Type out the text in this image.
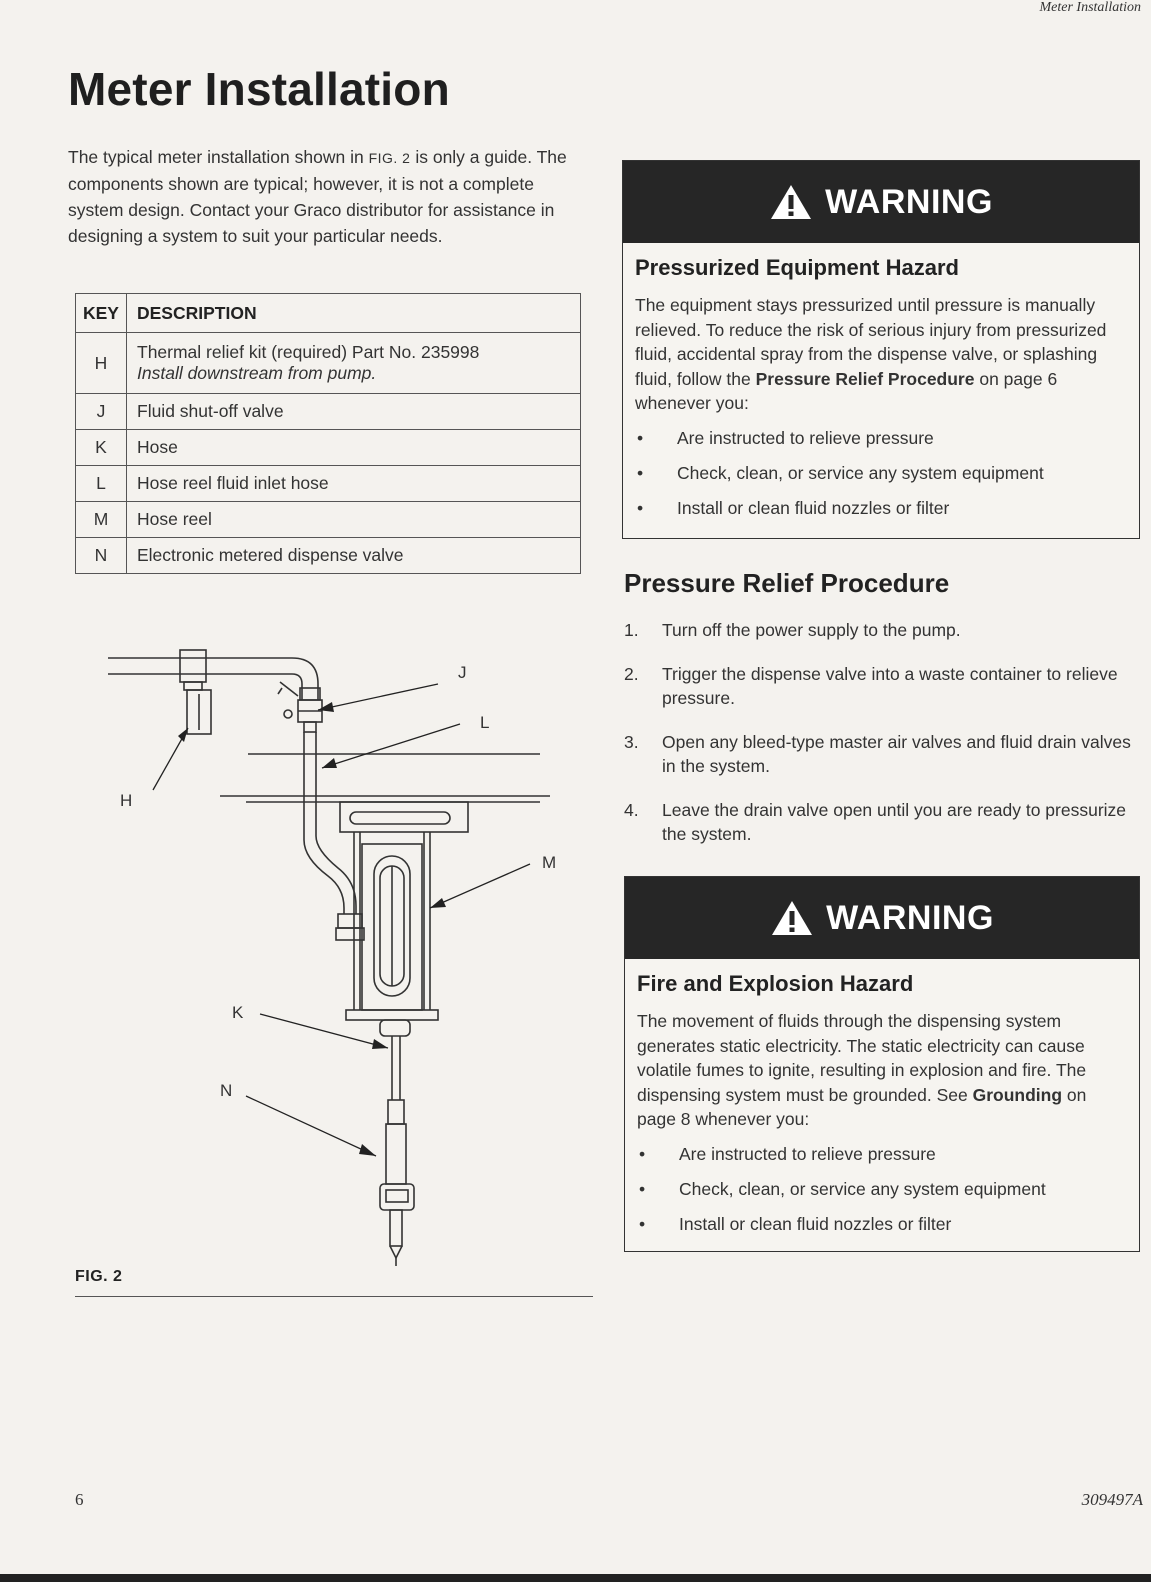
Meter Installation
Meter Installation
The typical meter installation shown in FIG. 2 is only a guide. The components shown are typical; however, it is not a complete system design. Contact your Graco distributor for assistance in designing a system to suit your particular needs.
KEY	DESCRIPTION
H	Thermal relief kit (required) Part No. 235998
Install downstream from pump.

J	Fluid shut-off valve
K	Hose
L	Hose reel fluid inlet hose
M	Hose reel
N	Electronic metered dispense valve
H
J
L
M
K
N
FIG. 2
WARNING
Pressurized Equipment Hazard
The equipment stays pressurized until pressure is manually relieved. To reduce the risk of serious injury from pressurized fluid, accidental spray from the dispense valve, or splashing fluid, follow the Pressure Relief Procedure on page 6 whenever you:
•	Are instructed to relieve pressure
•	Check, clean, or service any system equipment
•	Install or clean fluid nozzles or filter
Pressure Relief Procedure
1.	Turn off the power supply to the pump.
2.	Trigger the dispense valve into a waste container to relieve pressure.
3.	Open any bleed-type master air valves and fluid drain valves in the system.
4.	Leave the drain valve open until you are ready to pressurize the system.
WARNING
Fire and Explosion Hazard
The movement of fluids through the dispensing system generates static electricity. The static electricity can cause volatile fumes to ignite, resulting in explosion and fire. The dispensing system must be grounded. See Grounding on page 8 whenever you:
•	Are instructed to relieve pressure
•	Check, clean, or service any system equipment
•	Install or clean fluid nozzles or filter
6	309497A
